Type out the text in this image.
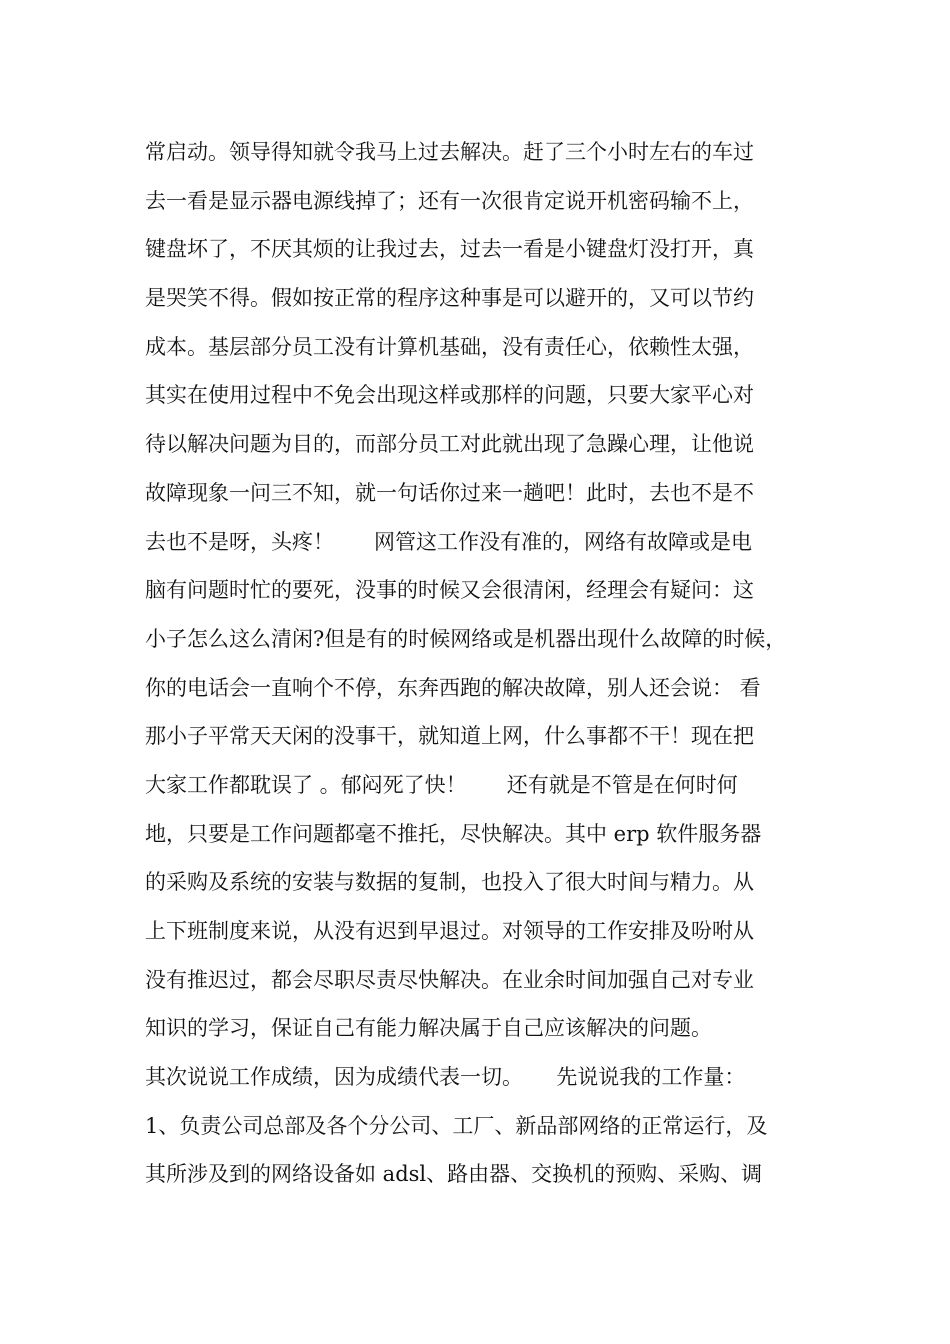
常启动。领导得知就令我马上过去解决。赶了三个小时左右的车过
去一看是显示器电源线掉了；还有一次很肯定说开机密码输不上，
键盘坏了，不厌其烦的让我过去，过去一看是小键盘灯没打开，真
是哭笑不得。假如按正常的程序这种事是可以避开的，又可以节约
成本。基层部分员工没有计算机基础，没有责任心，依赖性太强，
其实在使用过程中不免会出现这样或那样的问题，只要大家平心对
待以解决问题为目的，而部分员工对此就出现了急躁心理，让他说
故障现象一问三不知，就一句话你过来一趟吧！此时，去也不是不
去也不是呀，头疼！      网管这工作没有准的，网络有故障或是电
脑有问题时忙的要死，没事的时候又会很清闲，经理会有疑问：这
小子怎么这么清闲?但是有的时候网络或是机器出现什么故障的时候，
你的电话会一直响个不停，东奔西跑的解决故障，别人还会说： 看
那小子平常天天闲的没事干，就知道上网，什么事都不干！现在把
大家工作都耽误了 。郁闷死了快！      还有就是不管是在何时何
地，只要是工作问题都毫不推托，尽快解决。其中 erp 软件服务器
的采购及系统的安装与数据的复制，也投入了很大时间与精力。从
上下班制度来说，从没有迟到早退过。对领导的工作安排及吩咐从
没有推迟过，都会尽职尽责尽快解决。在业余时间加强自己对专业
知识的学习，保证自己有能力解决属于自己应该解决的问题。
其次说说工作成绩，因为成绩代表一切。     先说说我的工作量：
1、负责公司总部及各个分公司、工厂、新品部网络的正常运行，及
其所涉及到的网络设备如 adsl、路由器、交换机的预购、采购、调
